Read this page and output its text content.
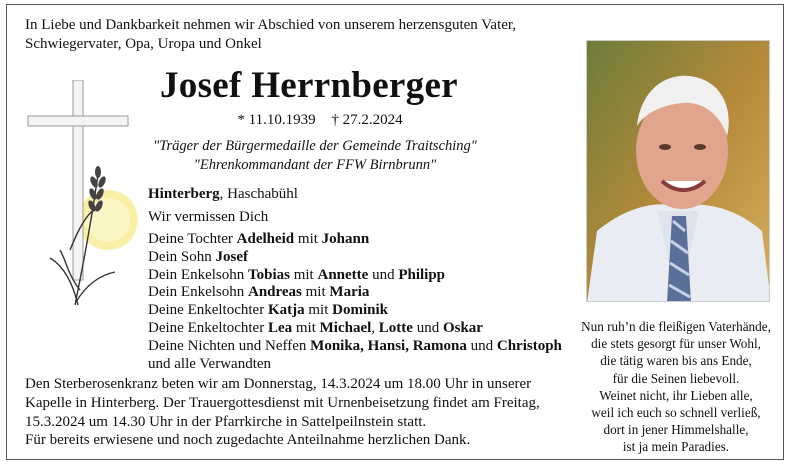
In Liebe und Dankbarkeit nehmen wir Abschied von unserem herzensguten Vater, Schwiegervater, Opa, Uropa und Onkel
Josef Herrnberger
* 11.10.1939 † 27.2.2024
"Träger der Bürgermedaille der Gemeinde Traitsching"
"Ehrenkommandant der FFW Birnbrunn"
Hinterberg, Haschabühl
Wir vermissen Dich
Deine Tochter Adelheid mit Johann
Dein Sohn Josef
Dein Enkelsohn Tobias mit Annette und Philipp
Dein Enkelsohn Andreas mit Maria
Deine Enkeltochter Katja mit Dominik
Deine Enkeltochter Lea mit Michael, Lotte und Oskar
Deine Nichten und Neffen Monika, Hansi, Ramona und Christoph
und alle Verwandten
Den Sterberosenkranz beten wir am Donnerstag, 14.3.2024 um 18.00 Uhr in unserer Kapelle in Hinterberg. Der Trauergottesdienst mit Urnenbeisetzung findet am Freitag, 15.3.2024 um 14.30 Uhr in der Pfarrkirche in Sattelpeilnstein statt.
Für bereits erwiesene und noch zugedachte Anteilnahme herzlichen Dank.
Nun ruh’n die fleißigen Vaterhände,
die stets gesorgt für unser Wohl,
die tätig waren bis ans Ende,
für die Seinen liebevoll.
Weinet nicht, ihr Lieben alle,
weil ich euch so schnell verließ,
dort in jener Himmelshalle,
ist ja mein Paradies.
